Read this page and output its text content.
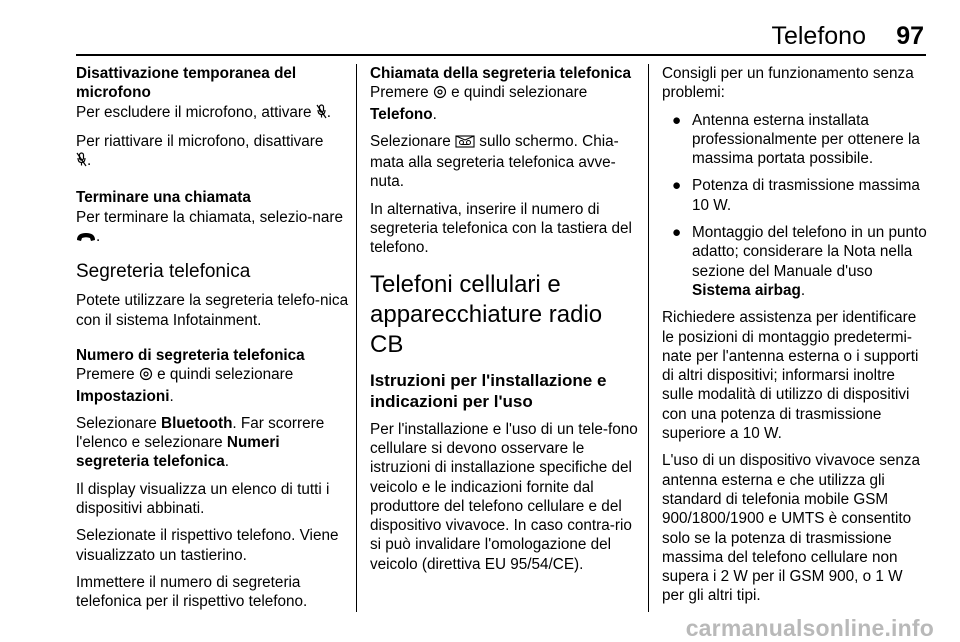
Telefono 97

Disattivazione temporanea del microfono

Per escludere il microfono, attivare .

Per riattivare il microfono, disattivare
.

Terminare una chiamata

Per terminare la chiamata, selezio-nare .

Segreteria telefonica

Potete utilizzare la segreteria telefo-nica con il sistema Infotainment.

Numero di segreteria telefonica

Premere e quindi selezionare Impostazioni.

Selezionare Bluetooth. Far scorrere l'elenco e selezionare Numeri segreteria telefonica.

Il display visualizza un elenco di tutti i dispositivi abbinati.

Selezionate il rispettivo telefono. Viene visualizzato un tastierino.

Immettere il numero di segreteria telefonica per il rispettivo telefono.

Chiamata della segreteria telefonica

Premere e quindi selezionare
Telefono.

Selezionare sullo schermo. Chia-mata alla segreteria telefonica avve-nuta.

In alternativa, inserire il numero di segreteria telefonica con la tastiera del telefono.

Telefoni cellulari e apparecchiature radio CB
Istruzioni per l'installazione e indicazioni per l'uso

Per l'installazione e l'uso di un tele-fono cellulare si devono osservare le istruzioni di installazione specifiche del veicolo e le indicazioni fornite dal produttore del telefono cellulare e del dispositivo vivavoce. In caso contra-rio si può invalidare l'omologazione del veicolo (direttiva EU 95/54/CE).

Consigli per un funzionamento senza problemi:

● Antenna esterna installata professionalmente per ottenere la massima portata possibile.
● Potenza di trasmissione massima 10 W.
● Montaggio del telefono in un punto adatto; considerare la Nota nella sezione del Manuale d'uso Sistema airbag.

Richiedere assistenza per identificare le posizioni di montaggio predetermi-nate per l'antenna esterna o i supporti di altri dispositivi; informarsi inoltre sulle modalità di utilizzo di dispositivi con una potenza di trasmissione superiore a 10 W.

L'uso di un dispositivo vivavoce senza antenna esterna e che utilizza gli standard di telefonia mobile GSM 900/1800/1900 e UMTS è consentito solo se la potenza di trasmissione massima del telefono cellulare non supera i 2 W per il GSM 900, o 1 W per gli altri tipi.

carmanualsonline.info
